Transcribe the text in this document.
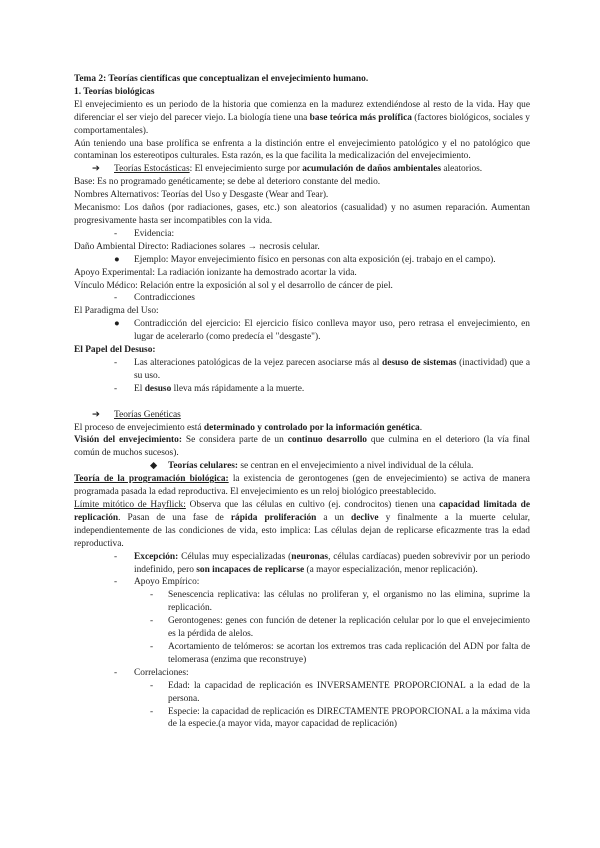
Tema 2: Teorías científicas que conceptualizan el envejecimiento humano.

1. Teorías biológicas

El envejecimiento es un periodo de la historia que comienza en la madurez extendiéndose al resto de la vida. Hay que diferenciar el ser viejo del parecer viejo. La biología tiene una base teórica más prolífica (factores biológicos, sociales y comportamentales).

Aún teniendo una base prolífica se enfrenta a la distinción entre el envejecimiento patológico y el no patológico que contaminan los estereotipos culturales. Esta razón, es la que facilita la medicalización del envejecimiento.

➔	Teorías Estocásticas: El envejecimiento surge por acumulación de daños ambientales aleatorios.

Base: Es no programado genéticamente; se debe al deterioro constante del medio.

Nombres Alternativos: Teorías del Uso y Desgaste (Wear and Tear).

Mecanismo: Los daños (por radiaciones, gases, etc.) son aleatorios (casualidad) y no asumen reparación. Aumentan progresivamente hasta ser incompatibles con la vida.

-	Evidencia:

Daño Ambiental Directo: Radiaciones solares → necrosis celular.

●	Ejemplo: Mayor envejecimiento físico en personas con alta exposición (ej. trabajo en el campo).

Apoyo Experimental: La radiación ionizante ha demostrado acortar la vida.

Vínculo Médico: Relación entre la exposición al sol y el desarrollo de cáncer de piel.

-	Contradicciones

El Paradigma del Uso:

●	Contradicción del ejercicio: El ejercicio físico conlleva mayor uso, pero retrasa el envejecimiento, en lugar de acelerarlo (como predecía el "desgaste").

El Papel del Desuso:

-	Las alteraciones patológicas de la vejez parecen asociarse más al desuso de sistemas (inactividad) que a su uso.

-	El desuso lleva más rápidamente a la muerte.

➔	Teorías Genéticas

El proceso de envejecimiento está determinado y controlado por la información genética.

Visión del envejecimiento: Se considera parte de un continuo desarrollo que culmina en el deterioro (la vía final común de muchos sucesos).

◆	Teorías celulares: se centran en el envejecimiento a nivel individual de la célula.

Teoría de la programación biológica: la existencia de gerontogenes (gen de envejecimiento) se activa de manera programada pasada la edad reproductiva. El envejecimiento es un reloj biológico preestablecido.

Límite mitótico de Hayflick: Observa que las células en cultivo (ej. condrocitos) tienen una capacidad limitada de replicación. Pasan de una fase de rápida proliferación a un declive y finalmente a la muerte celular, independientemente de las condiciones de vida, esto implica: Las células dejan de replicarse eficazmente tras la edad reproductiva.

-	Excepción: Células muy especializadas (neuronas, células cardíacas) pueden sobrevivir por un periodo indefinido, pero son incapaces de replicarse (a mayor especialización, menor replicación).

-	Apoyo Empírico:

-	Senescencia replicativa: las células no proliferan y, el organismo no las elimina, suprime la replicación.

-	Gerontogenes: genes con función de detener la replicación celular por lo que el envejecimiento es la pérdida de alelos.

-	Acortamiento de telómeros: se acortan los extremos tras cada replicación del ADN por falta de telomerasa (enzima que reconstruye)

-	Correlaciones:

-	Edad: la capacidad de replicación es INVERSAMENTE PROPORCIONAL a la edad de la persona.

-	Especie: la capacidad de replicación es DIRECTAMENTE PROPORCIONAL a la máxima vida de la especie.(a mayor vida, mayor capacidad de replicación)
